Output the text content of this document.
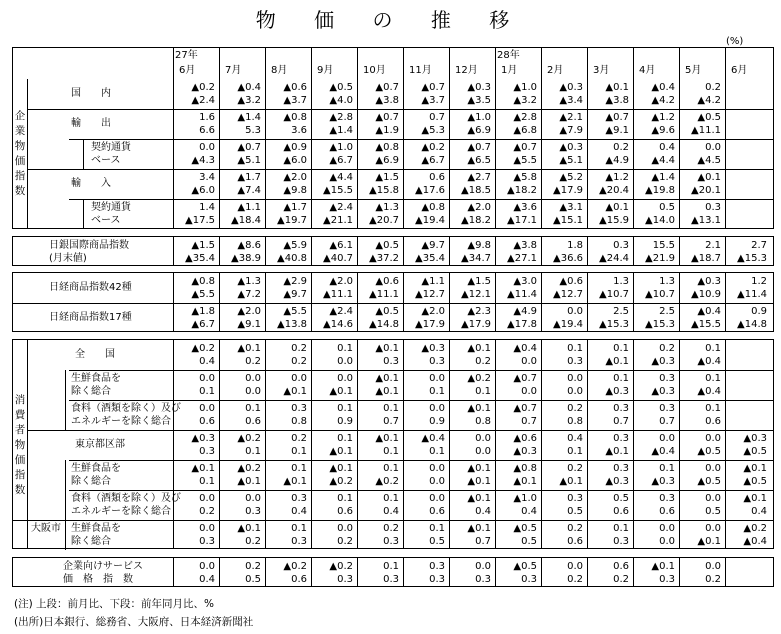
物 価 の 推 移
(%)
6月	7月	8月	9月	10月 11月 12月 1月	2月	3月	4月	5月	6月
27年	28年
企業物価指数
国　　内
▲0.2	▲0.4	▲0.6	▲0.5	▲0.7	▲0.7	▲0.3	▲1.0	▲0.3	▲0.1	▲0.4	0.2
▲2.4	▲3.2	▲3.7	▲4.0	▲3.8	▲3.7	▲3.5	▲3.2	▲3.4	▲3.8	▲4.2	▲4.2
輸　　出
1.6	▲1.4	▲0.8	▲2.8	▲0.7	0.7	▲1.0	▲2.8	▲2.1	▲0.7	▲1.2	▲0.5
6.6	5.3	3.6	▲1.4	▲1.9	▲5.3	▲6.9	▲6.8	▲7.9	▲9.1	▲9.6	▲11.1
契約通貨
ベース
0.0	▲0.7	▲0.9	▲1.0	▲0.8	▲0.2	▲0.7	▲0.7	▲0.3	0.2	0.4	0.0
▲4.3	▲5.1	▲6.0	▲6.7	▲6.9	▲6.7	▲6.5	▲5.5	▲5.1	▲4.9	▲4.4	▲4.5
輸　　入
3.4	▲1.7	▲2.0	▲4.4	▲1.5	0.6	▲2.7	▲5.8	▲5.2	▲1.2	▲1.4	▲0.1
▲6.0	▲7.4	▲9.8	▲15.5	▲15.8	▲17.6	▲18.5	▲18.2	▲17.9	▲20.4	▲19.8	▲20.1
契約通貨
ベース
1.4	▲1.1	▲1.7	▲2.4	▲1.3	▲0.8	▲2.0	▲3.6	▲3.1	▲0.1	0.5	0.3
▲17.5	▲18.4	▲19.7	▲21.1	▲20.7	▲19.4	▲18.2	▲17.1	▲15.1	▲15.9	▲14.0	▲13.1
日銀国際商品指数
(月末値)
▲1.5	▲8.6	▲5.9	▲6.1	▲0.5	▲9.7	▲9.8	▲3.8	1.8	0.3	15.5	2.1	2.7
▲35.4	▲38.9	▲40.8	▲40.7	▲37.2	▲35.4	▲34.7	▲27.1	▲36.6	▲24.4	▲21.9	▲18.7	▲15.3
日経商品指数42種
▲0.8	▲1.3	▲2.9	▲2.0	▲0.6	▲1.1	▲1.5	▲3.0	▲0.6	1.3	1.3	▲0.3	1.2
▲5.5	▲7.2	▲9.7	▲11.1	▲11.1	▲12.7	▲12.1	▲11.4	▲12.7	▲10.7	▲10.7	▲10.9	▲11.4
日経商品指数17種
▲1.8	▲2.0	▲5.5	▲2.4	▲0.5	▲2.0	▲2.3	▲4.9	0.0	2.5	2.5	▲0.4	0.9
▲6.7	▲9.1	▲13.8	▲14.6	▲14.8	▲17.9	▲17.9	▲17.8	▲19.4	▲15.3	▲15.3	▲15.5	▲14.8
消費者物価指数
全　　国
▲0.2	▲0.1	0.2	0.1	▲0.1	▲0.3	▲0.1	▲0.4	0.1	0.1	0.2	0.1
0.4	0.2	0.2	0.0	0.3	0.3	0.2	0.0	0.3	▲0.1	▲0.3	▲0.4
生鮮食品を
除く総合
0.0	0.0	0.0	0.0	▲0.1	0.0	▲0.2	▲0.7	0.0	0.1	0.3	0.1
0.1	0.0	▲0.1	▲0.1	▲0.1	0.1	0.1	0.0	0.0	▲0.3	▲0.3	▲0.4
食料（酒類を除く）及び
エネルギーを除く総合
0.0	0.1	0.3	0.1	0.1	0.0	▲0.1	▲0.7	0.2	0.3	0.3	0.1
0.6	0.6	0.8	0.9	0.7	0.9	0.8	0.7	0.8	0.7	0.7	0.6
東京都区部
▲0.3	▲0.2	0.2	0.1	▲0.1	▲0.4	0.0	▲0.6	0.4	0.3	0.0	0.0	▲0.3
0.3	0.1	0.1	▲0.1	0.1	0.1	0.0	▲0.3	0.1	▲0.1	▲0.4	▲0.5	▲0.5
生鮮食品を
除く総合
▲0.1	▲0.2	0.1	▲0.1	0.1	0.0	▲0.1	▲0.8	0.2	0.3	0.1	0.0	▲0.1
0.1	▲0.1	▲0.1	▲0.2	▲0.2	0.0	▲0.1	▲0.1	▲0.1	▲0.3	▲0.3	▲0.5	▲0.5
食料（酒類を除く）及び
エネルギーを除く総合
0.0	0.0	0.3	0.1	0.1	0.0	▲0.1	▲1.0	0.3	0.5	0.3	0.0	▲0.1
0.2	0.3	0.4	0.6	0.4	0.6	0.4	0.4	0.5	0.6	0.6	0.5	0.4
大阪市 生鮮食品を
除く総合
0.0	▲0.1	0.1	0.0	0.2	0.1	▲0.1	▲0.5	0.2	0.1	0.0	0.0	▲0.2
0.3	0.2	0.3	0.2	0.3	0.5	0.7	0.5	0.6	0.3	0.0	▲0.1	▲0.4
企業向けサービス
価　格　指　数
0.0	0.2	▲0.2	▲0.2	0.1	0.3	0.0	▲0.5	0.0	0.6	▲0.1	0.0
0.4	0.5	0.6	0.3	0.3	0.3	0.3	0.3	0.2	0.2	0.3	0.2
(注) 上段：前月比、下段：前年同月比、%
(出所)日本銀行、総務省、大阪府、日本経済新聞社
